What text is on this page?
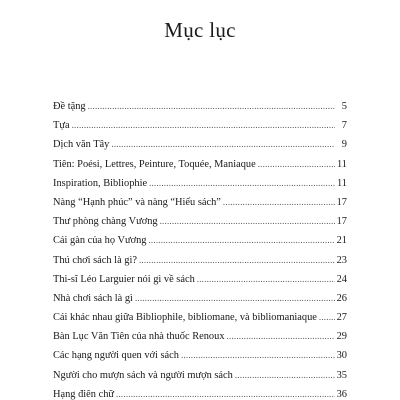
Mục lục
Đề tặng .....	5
Tựa .....	7
Dịch văn Tây .....	9
Tiên: Poési, Lettres, Peinture, Toquée, Maniaque .....	11
Inspiration, Bibliophie .....	11
Nàng “Hạnh phúc” và nàng “Hiếu sách” .....	17
Thư phòng chàng Vương .....	17
Cái gàn của họ Vương .....	21
Thú chơi sách là gì? .....	23
Thi-sĩ Léo Larguier nói gì về sách .....	24
Nhà chơi sách là gì .....	26
Cái khác nhau giữa Bibliophile, bibliomane, và bibliomaniaque ..... 27
Bàn Lục Văn Tiên của nhà thuốc Renoux .....	29
Các hạng người quen với sách .....	30
Người cho mượn sách và người mượn sách .....	35
Hạng điên chữ .....	36
